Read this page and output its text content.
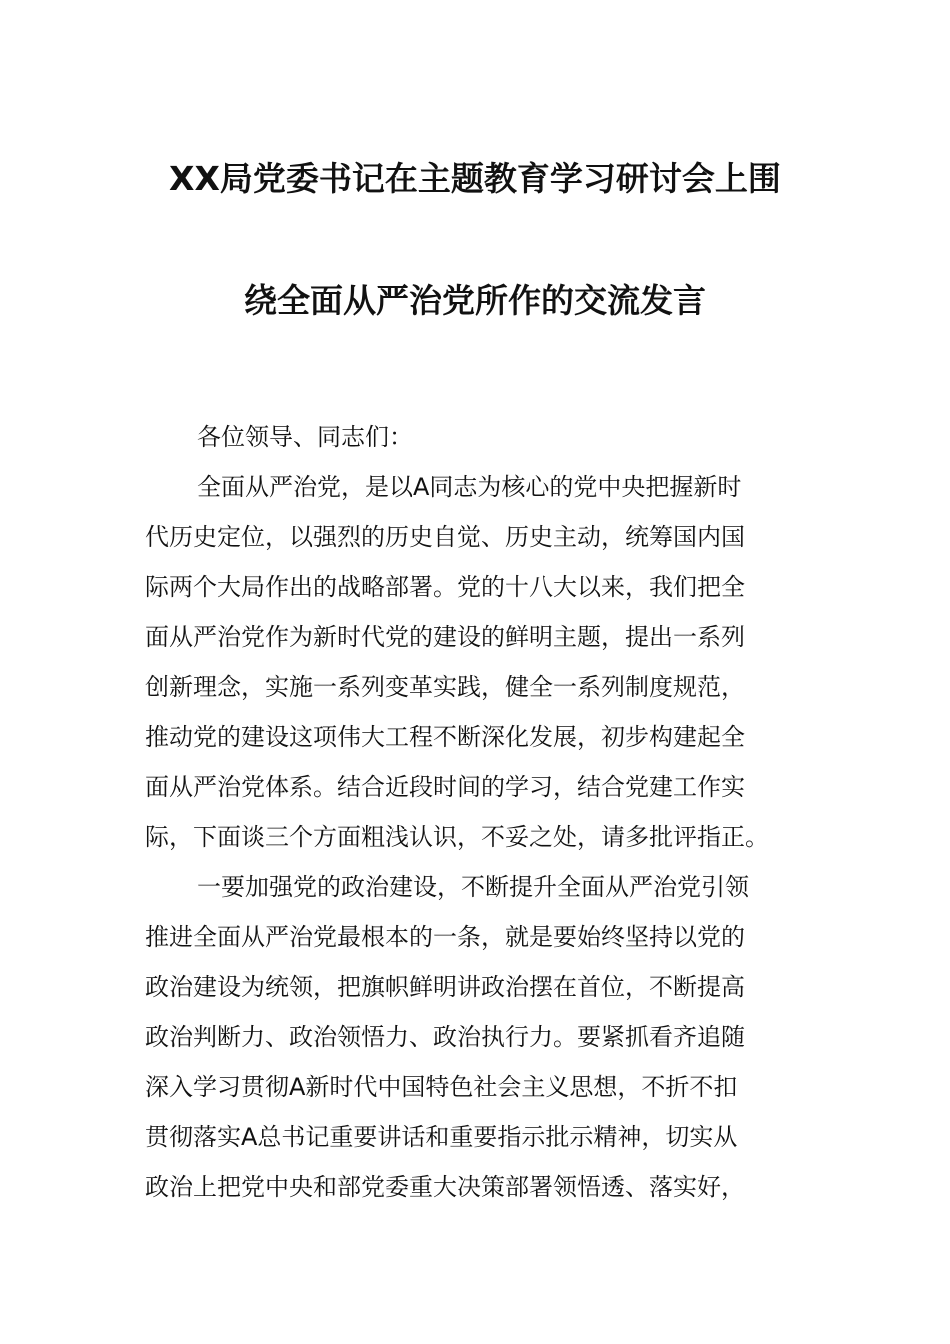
XX局党委书记在主题教育学习研讨会上围
绕全面从严治党所作的交流发言
各位领导、同志们：
全面从严治党，是以A同志为核心的党中央把握新时
代历史定位，以强烈的历史自觉、历史主动，统筹国内国
际两个大局作出的战略部署。党的十八大以来，我们把全
面从严治党作为新时代党的建设的鲜明主题，提出一系列
创新理念，实施一系列变革实践，健全一系列制度规范，
推动党的建设这项伟大工程不断深化发展，初步构建起全
面从严治党体系。结合近段时间的学习，结合党建工作实
际，下面谈三个方面粗浅认识，不妥之处，请多批评指正。
一要加强党的政治建设，不断提升全面从严治党引领
推进全面从严治党最根本的一条，就是要始终坚持以党的
政治建设为统领，把旗帜鲜明讲政治摆在首位，不断提高
政治判断力、政治领悟力、政治执行力。要紧抓看齐追随
深入学习贯彻A新时代中国特色社会主义思想，不折不扣
贯彻落实A总书记重要讲话和重要指示批示精神，切实从
政治上把党中央和部党委重大决策部署领悟透、落实好，
